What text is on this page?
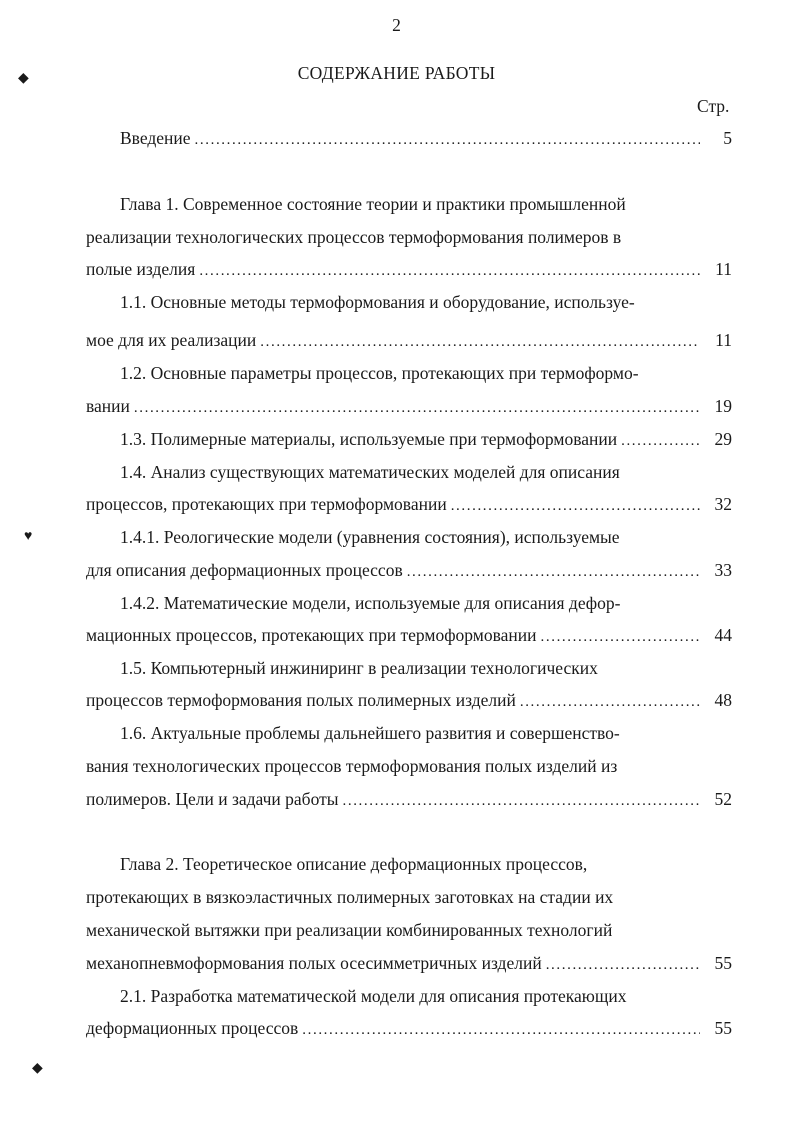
2
СОДЕРЖАНИЕ РАБОТЫ
Стр.
Введение .....	5
Глава 1. Современное состояние теории и практики промышленной
реализации технологических процессов термоформования полимеров в
полые изделия .....	11
1.1. Основные методы термоформования и оборудование, используе-
мое для их реализации .....	11
1.2. Основные параметры процессов, протекающих при термоформо-
вании .....	19
1.3. Полимерные материалы, используемые при термоформовании .....	29
1.4. Анализ существующих математических моделей для описания
процессов, протекающих при термоформовании .....	32
1.4.1. Реологические модели (уравнения состояния), используемые
для описания деформационных процессов .....	33
1.4.2. Математические модели, используемые для описания дефор-
мационных процессов, протекающих при термоформовании .....	44
1.5. Компьютерный инжиниринг в реализации технологических
процессов термоформования полых полимерных изделий .....	48
1.6. Актуальные проблемы дальнейшего развития и совершенство-
вания технологических процессов термоформования полых изделий из
полимеров. Цели и задачи работы .....	52
Глава 2. Теоретическое описание деформационных процессов,
протекающих в вязкоэластичных полимерных заготовках на стадии их
механической вытяжки при реализации комбинированных технологий
механопневмоформования полых осесимметричных изделий .....	55
2.1. Разработка математической модели для описания протекающих
деформационных процессов .....	55
◆
♥
◆
